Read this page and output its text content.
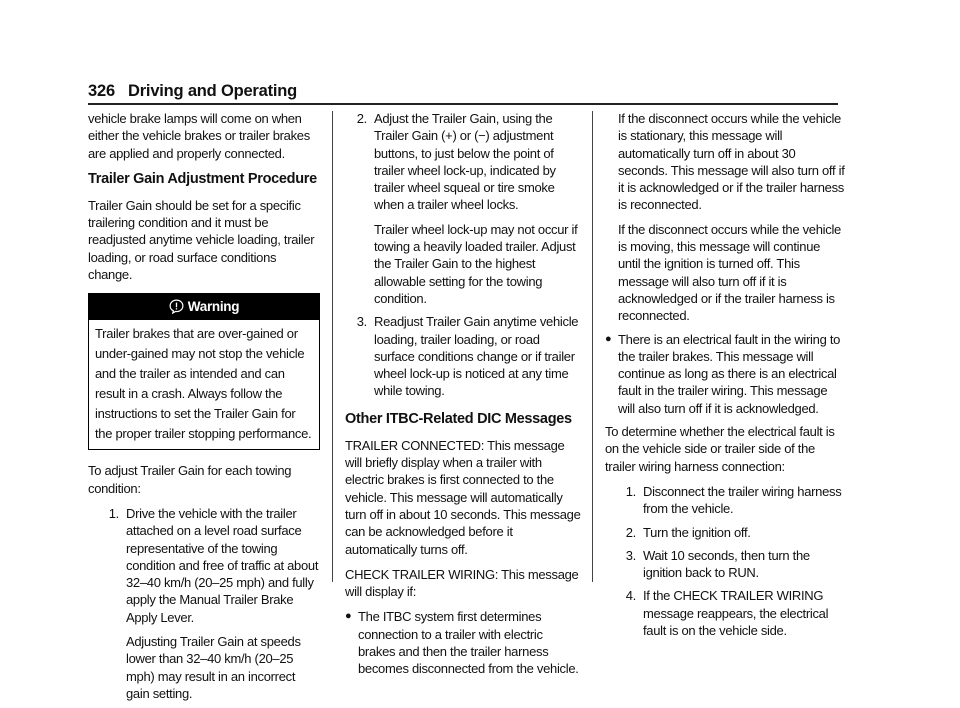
326 Driving and Operating

vehicle brake lamps will come on when either the vehicle brakes or trailer brakes are applied and properly connected.

Trailer Gain Adjustment Procedure

Trailer Gain should be set for a specific trailering condition and it must be readjusted anytime vehicle loading, trailer loading, or road surface conditions change.

Warning
Trailer brakes that are over-gained or under-gained may not stop the vehicle and the trailer as intended and can result in a crash. Always follow the instructions to set the Trailer Gain for the proper trailer stopping performance.

To adjust Trailer Gain for each towing condition:

1. Drive the vehicle with the trailer attached on a level road surface representative of the towing condition and free of traffic at about 32–40 km/h (20–25 mph) and fully apply the Manual Trailer Brake Apply Lever.

Adjusting Trailer Gain at speeds lower than 32–40 km/h (20–25 mph) may result in an incorrect gain setting.

2. Adjust the Trailer Gain, using the Trailer Gain (+) or (−) adjustment buttons, to just below the point of trailer wheel lock-up, indicated by trailer wheel squeal or tire smoke when a trailer wheel locks.

Trailer wheel lock-up may not occur if towing a heavily loaded trailer. Adjust the Trailer Gain to the highest allowable setting for the towing condition.

3. Readjust Trailer Gain anytime vehicle loading, trailer loading, or road surface conditions change or if trailer wheel lock-up is noticed at any time while towing.

Other ITBC-Related DIC Messages

TRAILER CONNECTED: This message will briefly display when a trailer with electric brakes is first connected to the vehicle. This message will automatically turn off in about 10 seconds. This message can be acknowledged before it automatically turns off.

CHECK TRAILER WIRING: This message will display if:

● The ITBC system first determines connection to a trailer with electric brakes and then the trailer harness becomes disconnected from the vehicle.

If the disconnect occurs while the vehicle is stationary, this message will automatically turn off in about 30 seconds. This message will also turn off if it is acknowledged or if the trailer harness is reconnected.

If the disconnect occurs while the vehicle is moving, this message will continue until the ignition is turned off. This message will also turn off if it is acknowledged or if the trailer harness is reconnected.

● There is an electrical fault in the wiring to the trailer brakes. This message will continue as long as there is an electrical fault in the trailer wiring. This message will also turn off if it is acknowledged.

To determine whether the electrical fault is on the vehicle side or trailer side of the trailer wiring harness connection:

1. Disconnect the trailer wiring harness from the vehicle.

2. Turn the ignition off.

3. Wait 10 seconds, then turn the ignition back to RUN.

4. If the CHECK TRAILER WIRING message reappears, the electrical fault is on the vehicle side.
